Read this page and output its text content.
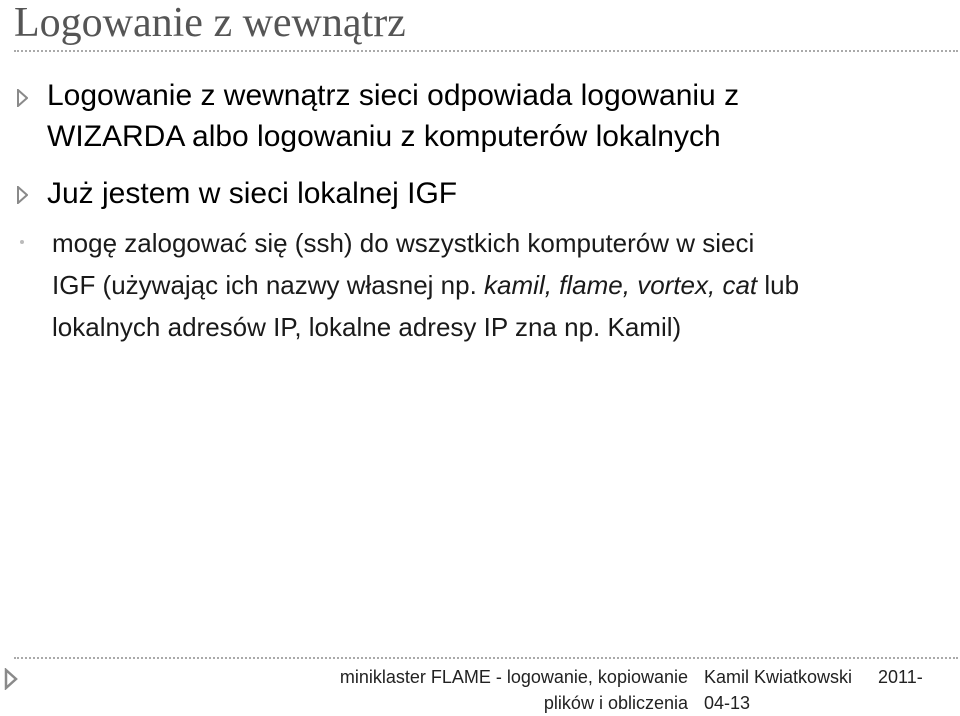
Logowanie z wewnątrz

Logowanie z wewnątrz sieci odpowiada logowaniu z

WIZARDA albo logowaniu z komputerów lokalnych

Już jestem w sieci lokalnej IGF

mogę zalogować się (ssh) do wszystkich komputerów w sieci

IGF (używając ich nazwy własnej np. kamil, flame, vortex, cat lub

lokalnych adresów IP, lokalne adresy IP zna np. Kamil)

miniklaster FLAME - logowanie, kopiowanie
plików i obliczenia
Kamil Kwiatkowski	2011-
04-13
